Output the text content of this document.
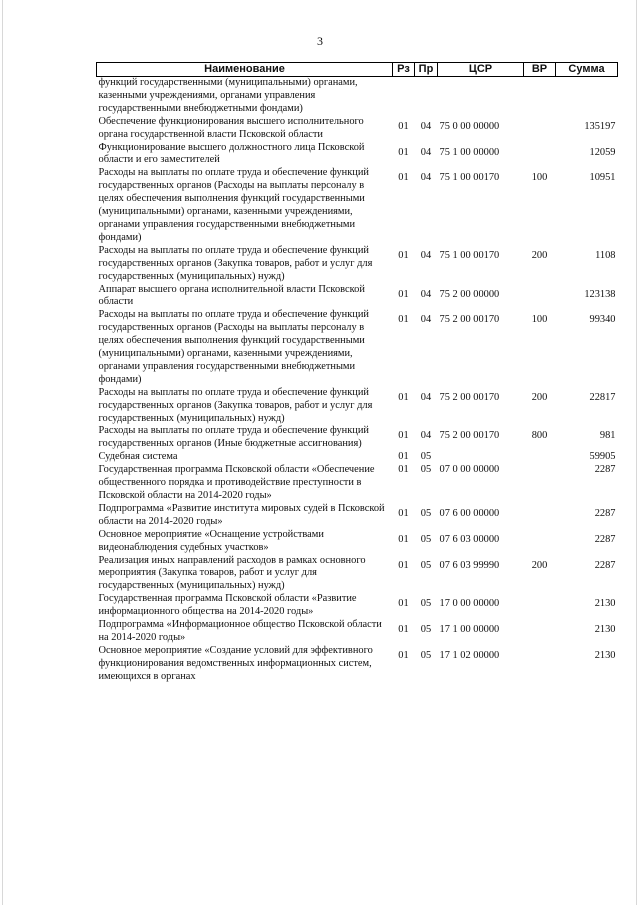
3
Наименование	Рз	Пр	ЦСР	ВР	Сумма
функций государственными (муниципальными) органами, казенными учреждениями, органами управления государственными внебюджетными фондами)					
Обеспечение функционирования высшего исполнительного органа государственной власти Псковской области	01	04	75 0 00 00000		135197
Функционирование высшего должностного лица Псковской области и его заместителей	01	04	75 1 00 00000		12059
Расходы на выплаты по оплате труда и обеспечение функций государственных органов (Расходы на выплаты персоналу в целях обеспечения выполнения функций государственными (муниципальными) органами, казенными учреждениями, органами управления государственными внебюджетными фондами)	01	04	75 1 00 00170	100	10951
Расходы на выплаты по оплате труда и обеспечение функций государственных органов (Закупка товаров, работ и услуг для государственных (муниципальных) нужд)	01	04	75 1 00 00170	200	1108
Аппарат высшего органа исполнительной власти Псковской области	01	04	75 2 00 00000		123138
Расходы на выплаты по оплате труда и обеспечение функций государственных органов (Расходы на выплаты персоналу в целях обеспечения выполнения функций государственными (муниципальными) органами, казенными учреждениями, органами управления государственными внебюджетными фондами)	01	04	75 2 00 00170	100	99340
Расходы на выплаты по оплате труда и обеспечение функций государственных органов (Закупка товаров, работ и услуг для государственных (муниципальных) нужд)	01	04	75 2 00 00170	200	22817
Расходы на выплаты по оплате труда и обеспечение функций государственных органов (Иные бюджетные ассигнования)	01	04	75 2 00 00170	800	981
Судебная система	01	05			59905
Государственная программа Псковской области «Обеспечение общественного порядка и противодействие преступности в Псковской области на 2014-2020 годы»	01	05	07 0 00 00000		2287
Подпрограмма «Развитие института мировых судей в Псковской области на 2014-2020 годы»	01	05	07 6 00 00000		2287
Основное мероприятие «Оснащение устройствами видеонаблюдения судебных участков»	01	05	07 6 03 00000		2287
Реализация иных направлений расходов в рамках основного мероприятия (Закупка товаров, работ и услуг для государственных (муниципальных) нужд)	01	05	07 6 03 99990	200	2287
Государственная программа Псковской области «Развитие информационного общества на 2014-2020 годы»	01	05	17 0 00 00000		2130
Подпрограмма «Информационное общество Псковской области на 2014-2020 годы»	01	05	17 1 00 00000		2130
Основное мероприятие «Создание условий для эффективного функционирования ведомственных информационных систем, имеющихся в органах	01	05	17 1 02 00000		2130
